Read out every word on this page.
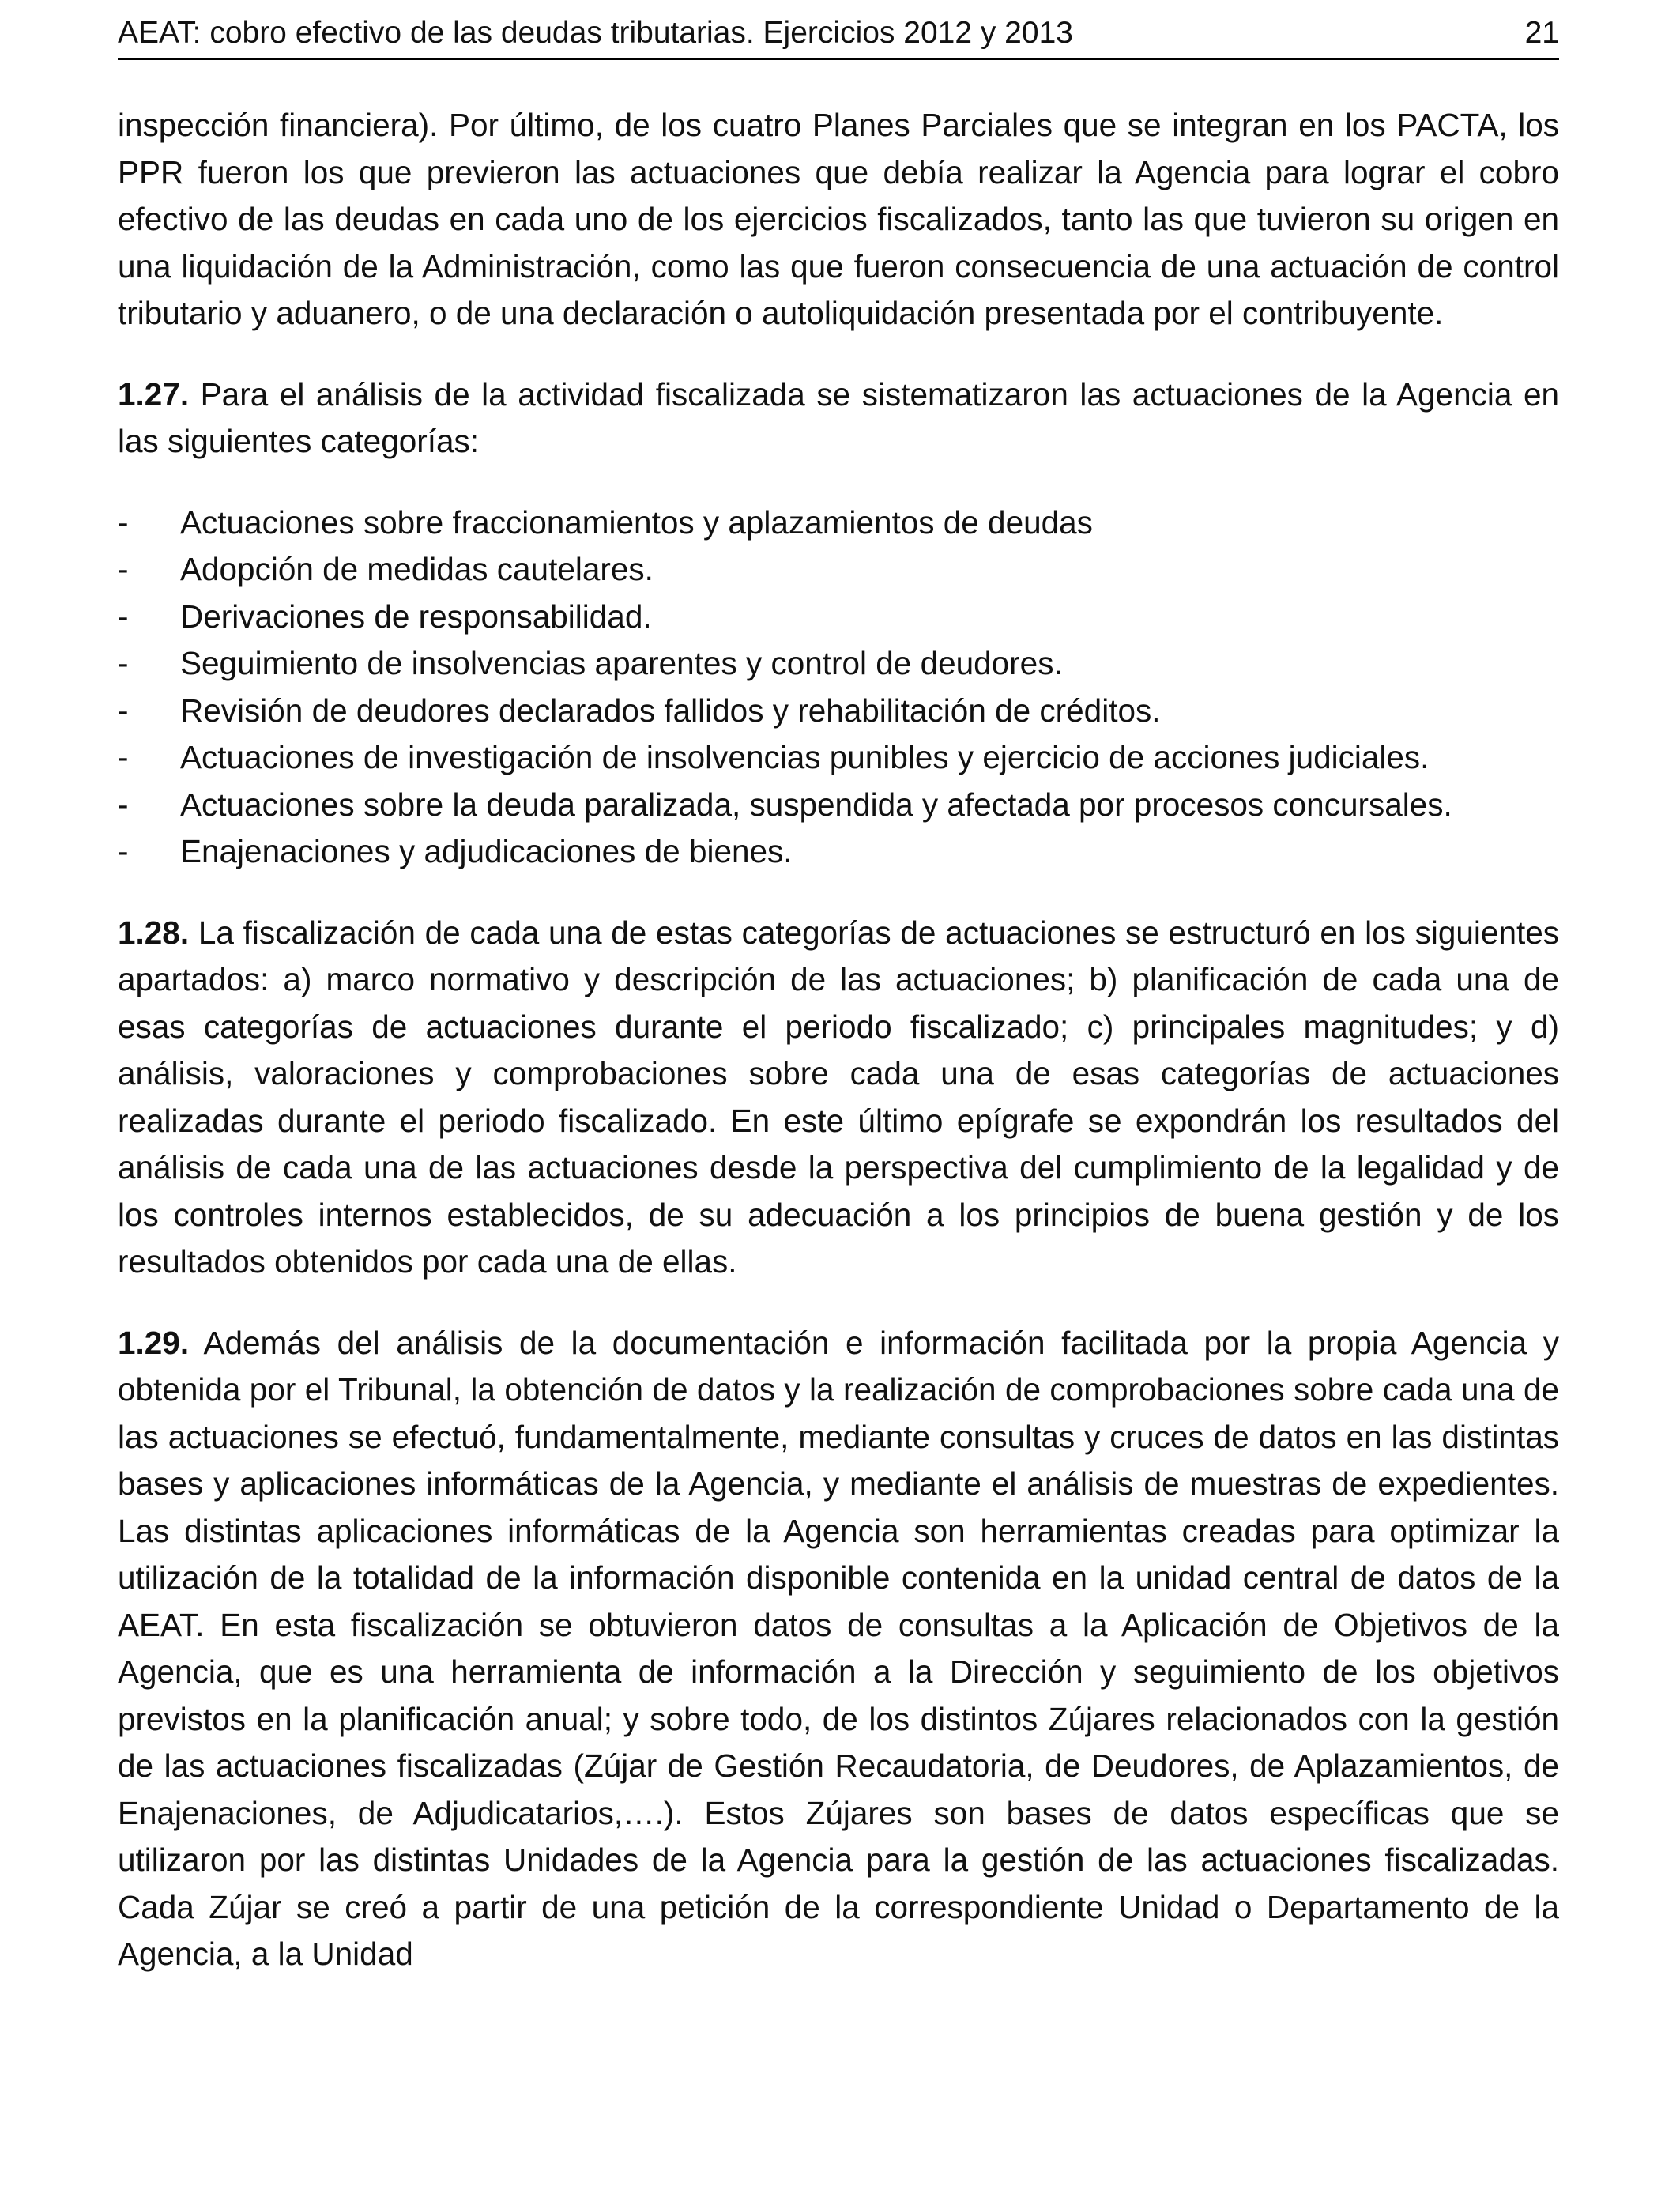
AEAT: cobro efectivo de las deudas tributarias. Ejercicios 2012 y 2013	21

inspección financiera). Por último, de los cuatro Planes Parciales que se integran en los PACTA, los PPR fueron los que previeron las actuaciones que debía realizar la Agencia para lograr el cobro efectivo de las deudas en cada uno de los ejercicios fiscalizados, tanto las que tuvieron su origen en una liquidación de la Administración, como las que fueron consecuencia de una actuación de control tributario y aduanero, o de una declaración o autoliquidación presentada por el contribuyente.

1.27. Para el análisis de la actividad fiscalizada se sistematizaron las actuaciones de la Agencia en las siguientes categorías:

- Actuaciones sobre fraccionamientos y aplazamientos de deudas
- Adopción de medidas cautelares.
- Derivaciones de responsabilidad.
- Seguimiento de insolvencias aparentes y control de deudores.
- Revisión de deudores declarados fallidos y rehabilitación de créditos.
- Actuaciones de investigación de insolvencias punibles y ejercicio de acciones judiciales.
- Actuaciones sobre la deuda paralizada, suspendida y afectada por procesos concursales.
- Enajenaciones y adjudicaciones de bienes.

1.28. La fiscalización de cada una de estas categorías de actuaciones se estructuró en los siguientes apartados: a) marco normativo y descripción de las actuaciones; b) planificación de cada una de esas categorías de actuaciones durante el periodo fiscalizado; c) principales magnitudes; y d) análisis, valoraciones y comprobaciones sobre cada una de esas categorías de actuaciones realizadas durante el periodo fiscalizado. En este último epígrafe se expondrán los resultados del análisis de cada una de las actuaciones desde la perspectiva del cumplimiento de la legalidad y de los controles internos establecidos, de su adecuación a los principios de buena gestión y de los resultados obtenidos por cada una de ellas.

1.29. Además del análisis de la documentación e información facilitada por la propia Agencia y obtenida por el Tribunal, la obtención de datos y la realización de comprobaciones sobre cada una de las actuaciones se efectuó, fundamentalmente, mediante consultas y cruces de datos en las distintas bases y aplicaciones informáticas de la Agencia, y mediante el análisis de muestras de expedientes. Las distintas aplicaciones informáticas de la Agencia son herramientas creadas para optimizar la utilización de la totalidad de la información disponible contenida en la unidad central de datos de la AEAT. En esta fiscalización se obtuvieron datos de consultas a la Aplicación de Objetivos de la Agencia, que es una herramienta de información a la Dirección y seguimiento de los objetivos previstos en la planificación anual; y sobre todo, de los distintos Zújares relacionados con la gestión de las actuaciones fiscalizadas (Zújar de Gestión Recaudatoria, de Deudores, de Aplazamientos, de Enajenaciones, de Adjudicatarios,….). Estos Zújares son bases de datos específicas que se utilizaron por las distintas Unidades de la Agencia para la gestión de las actuaciones fiscalizadas. Cada Zújar se creó a partir de una petición de la correspondiente Unidad o Departamento de la Agencia, a la Unidad
